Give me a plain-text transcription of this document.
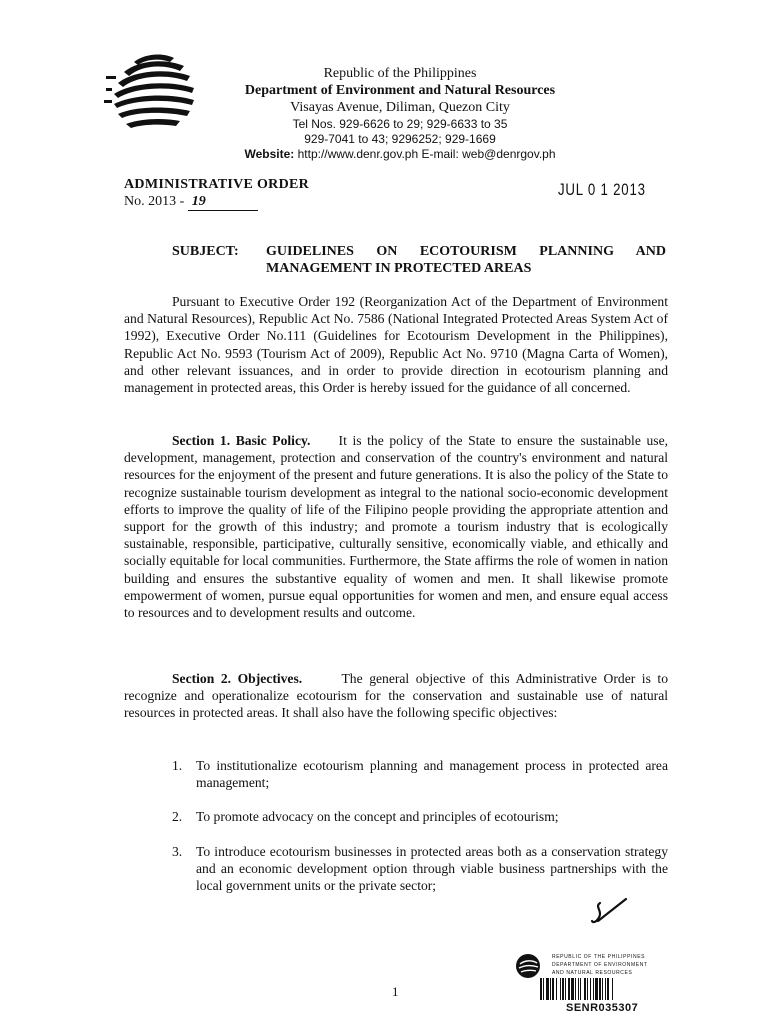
Republic of the Philippines
Department of Environment and Natural Resources
Visayas Avenue, Diliman, Quezon City
Tel Nos. 929-6626 to 29; 929-6633 to 35
929-7041 to 43; 9296252; 929-1669
Website: http://www.denr.gov.ph E-mail: web@denrgov.ph
ADMINISTRATIVE ORDER
No. 2013 - 19
JUL 0 1 2013
SUBJECT: GUIDELINES ON ECOTOURISM PLANNING AND
MANAGEMENT IN PROTECTED AREAS
Pursuant to Executive Order 192 (Reorganization Act of the Department of Environment and Natural Resources), Republic Act No. 7586 (National Integrated Protected Areas System Act of 1992), Executive Order No.111 (Guidelines for Ecotourism Development in the Philippines), Republic Act No. 9593 (Tourism Act of 2009), Republic Act No. 9710 (Magna Carta of Women), and other relevant issuances, and in order to provide direction in ecotourism planning and management in protected areas, this Order is hereby issued for the guidance of all concerned.
Section 1. Basic Policy. It is the policy of the State to ensure the sustainable use, development, management, protection and conservation of the country's environment and natural resources for the enjoyment of the present and future generations. It is also the policy of the State to recognize sustainable tourism development as integral to the national socio-economic development efforts to improve the quality of life of the Filipino people providing the appropriate attention and support for the growth of this industry; and promote a tourism industry that is ecologically sustainable, responsible, participative, culturally sensitive, economically viable, and ethically and socially equitable for local communities. Furthermore, the State affirms the role of women in nation building and ensures the substantive equality of women and men. It shall likewise promote empowerment of women, pursue equal opportunities for women and men, and ensure equal access to resources and to development results and outcome.
Section 2. Objectives.	The general objective of this Administrative Order is to recognize and operationalize ecotourism for the conservation and sustainable use of natural resources in protected areas. It shall also have the following specific objectives:
1.	To institutionalize ecotourism planning and management process in protected area management;
2.	To promote advocacy on the concept and principles of ecotourism;
3.	To introduce ecotourism businesses in protected areas both as a conservation strategy and an economic development option through viable business partnerships with the local government units or the private sector;
1
REPUBLIC OF THE PHILIPPINES
DEPARTMENT OF ENVIRONMENT
AND NATURAL RESOURCES
SENR035307
